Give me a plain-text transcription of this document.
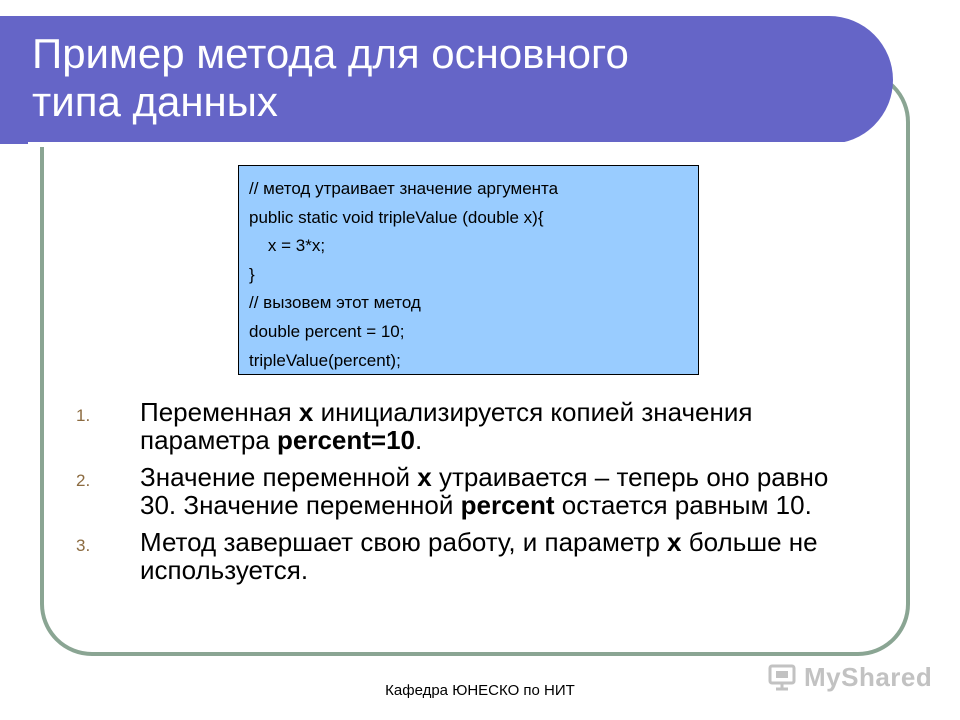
Пример метода для основного
типа данных
// метод утраивает значение аргумента
public static void tripleValue (double x){
x = 3*x;
}
// вызовем этот метод
double percent = 10;
tripleValue(percent);
1. Переменная x инициализируется копией значения параметра percent=10.
2. Значение переменной x утраивается – теперь оно равно 30. Значение переменной percent остается равным 10.
3. Метод завершает свою работу, и параметр x больше не используется.
Кафедра ЮНЕСКО по НИТ	MyShared
